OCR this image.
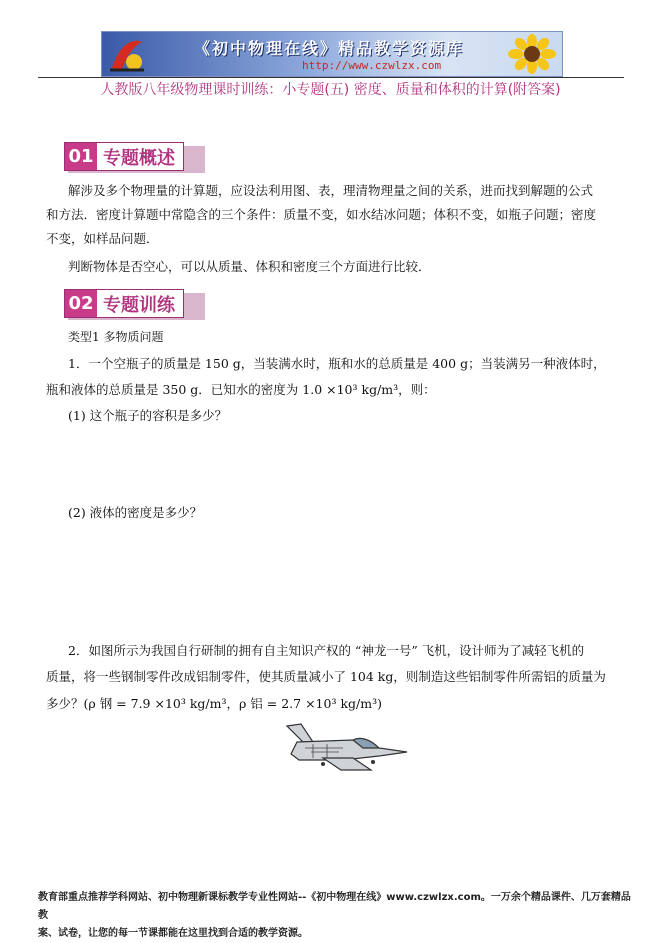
《初中物理在线》精品教学资源库
http://www.czwlzx.com
人教版八年级物理课时训练：小专题(五) 密度、质量和体积的计算(附答案)
01 专题概述
解涉及多个物理量的计算题，应设法利用图、表，理清物理量之间的关系，进而找到解题的公式
和方法．密度计算题中常隐含的三个条件：质量不变，如水结冰问题；体积不变，如瓶子问题；密度
不变，如样品问题．
判断物体是否空心，可以从质量、体积和密度三个方面进行比较．
02 专题训练
类型1 多物质问题
1．一个空瓶子的质量是 150 g，当装满水时，瓶和水的总质量是 400 g；当装满另一种液体时，
瓶和液体的总质量是 350 g．已知水的密度为 1.0 ×10³ kg/m³，则：
(1) 这个瓶子的容积是多少？
(2) 液体的密度是多少？
2．如图所示为我国自行研制的拥有自主知识产权的 “神龙一号” 飞机，设计师为了减轻飞机的
质量，将一些钢制零件改成铝制零件，使其质量减小了 104 kg，则制造这些铝制零件所需铝的质量为
多少？(ρ 钢 = 7.9 ×10³ kg/m³，ρ 铝 = 2.7 ×10³ kg/m³)
教育部重点推荐学科网站、初中物理新课标教学专业性网站--《初中物理在线》www.czwlzx.com。一万余个精品课件、几万套精品教
案、试卷，让您的每一节课都能在这里找到合适的教学资源。
